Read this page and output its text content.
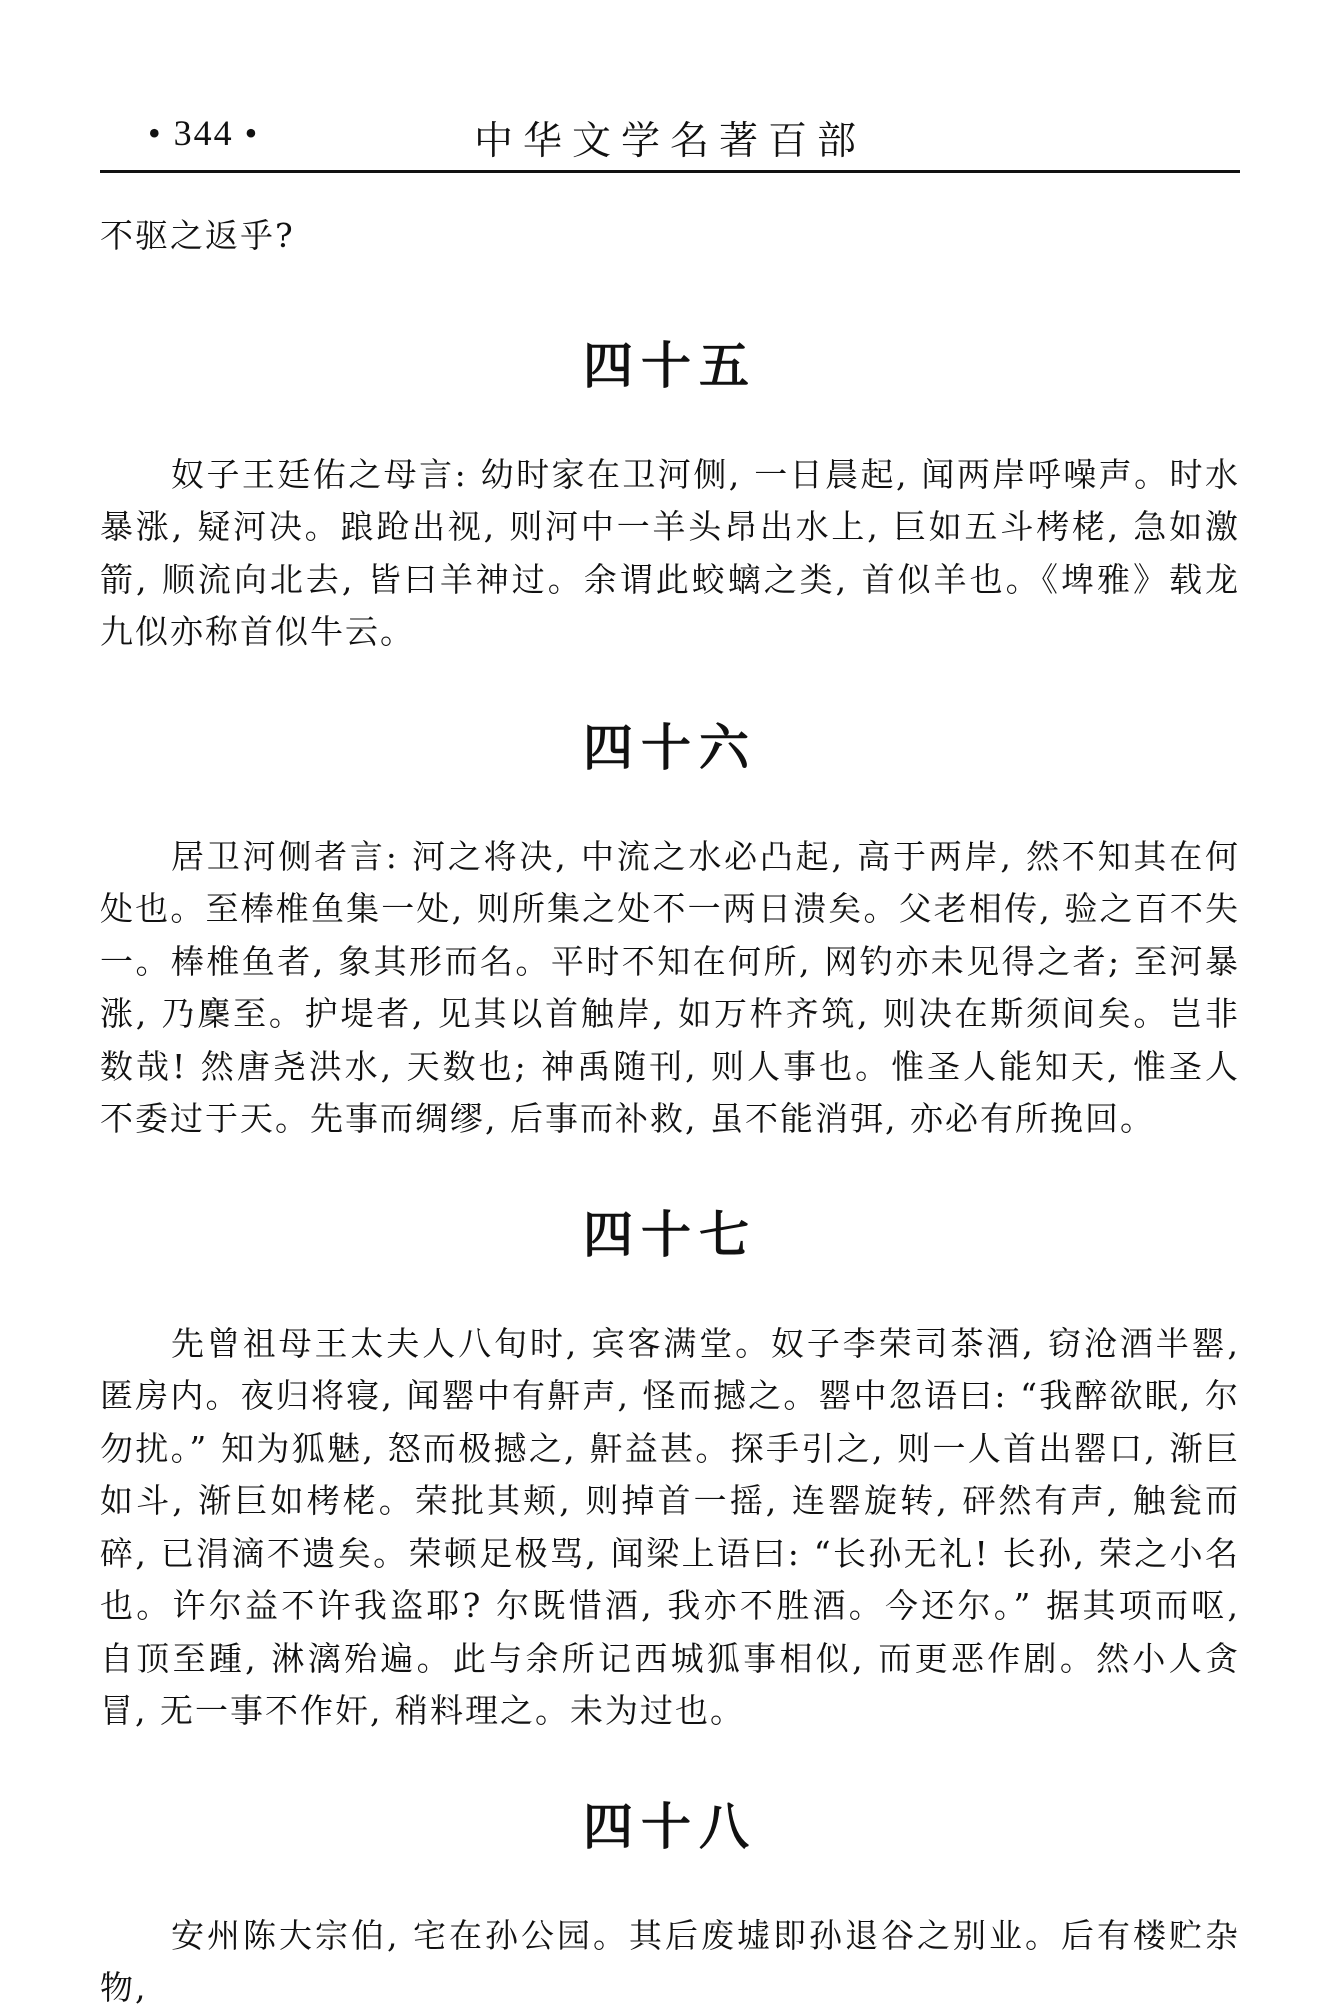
• 344 •	中华文学名著百部

不驱之返乎?

四十五

奴子王廷佑之母言: 幼时家在卫河侧, 一日晨起, 闻两岸呼噪声。时水暴涨, 疑河决。踉跄出视, 则河中一羊头昂出水上, 巨如五斗栲栳, 急如激箭, 顺流向北去, 皆曰羊神过。余谓此蛟螭之类, 首似羊也。《埤雅》载龙九似亦称首似牛云。

四十六

居卫河侧者言: 河之将决, 中流之水必凸起, 高于两岸, 然不知其在何处也。至棒椎鱼集一处, 则所集之处不一两日溃矣。父老相传, 验之百不失一。棒椎鱼者, 象其形而名。平时不知在何所, 网钓亦未见得之者; 至河暴涨, 乃麇至。护堤者, 见其以首触岸, 如万杵齐筑, 则决在斯须间矣。岂非数哉! 然唐尧洪水, 天数也; 神禹随刊, 则人事也。惟圣人能知天, 惟圣人不委过于天。先事而绸缪, 后事而补救, 虽不能消弭, 亦必有所挽回。

四十七

先曾祖母王太夫人八旬时, 宾客满堂。奴子李荣司茶酒, 窃沧酒半罂, 匿房内。夜归将寝, 闻罂中有鼾声, 怪而撼之。罂中忽语曰: “我醉欲眠, 尔勿扰。” 知为狐魅, 怒而极撼之, 鼾益甚。探手引之, 则一人首出罂口, 渐巨如斗, 渐巨如栲栳。荣批其颊, 则掉首一摇, 连罂旋转, 砰然有声, 触瓮而碎, 已涓滴不遗矣。荣顿足极骂, 闻梁上语曰: “长孙无礼! 长孙, 荣之小名也。许尔益不许我盗耶? 尔既惜酒, 我亦不胜酒。今还尔。” 据其项而呕, 自顶至踵, 淋漓殆遍。此与余所记西城狐事相似, 而更恶作剧。然小人贪冒, 无一事不作奸, 稍料理之。未为过也。

四十八

安州陈大宗伯, 宅在孙公园。其后废墟即孙退谷之别业。后有楼贮杂物,
